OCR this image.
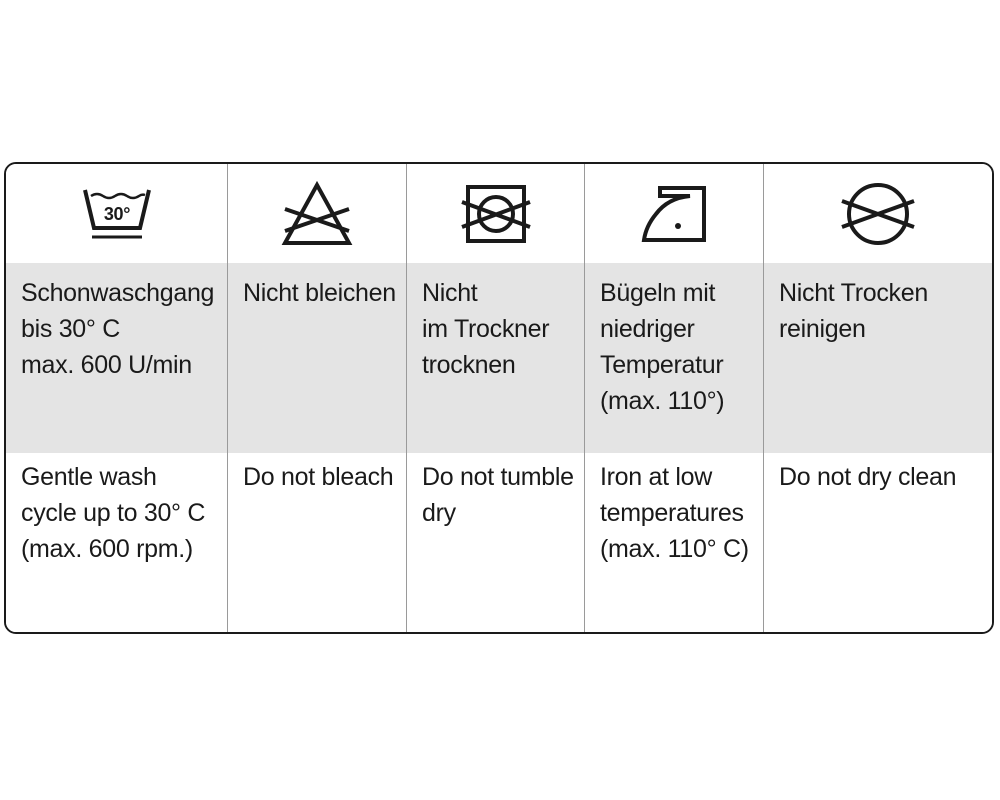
30°
Schonwaschgang
bis 30° C
max. 600 U/min
Nicht bleichen	Nicht
im Trockner
trocknen
Bügeln mit
niedriger
Temperatur
(max. 110°)
Nicht Trocken
reinigen
Gentle wash
cycle up to 30° C
(max. 600 rpm.)
Do not bleach	Do not tumble
dry
Iron at low
temperatures
(max. 110° C)
Do not dry clean
